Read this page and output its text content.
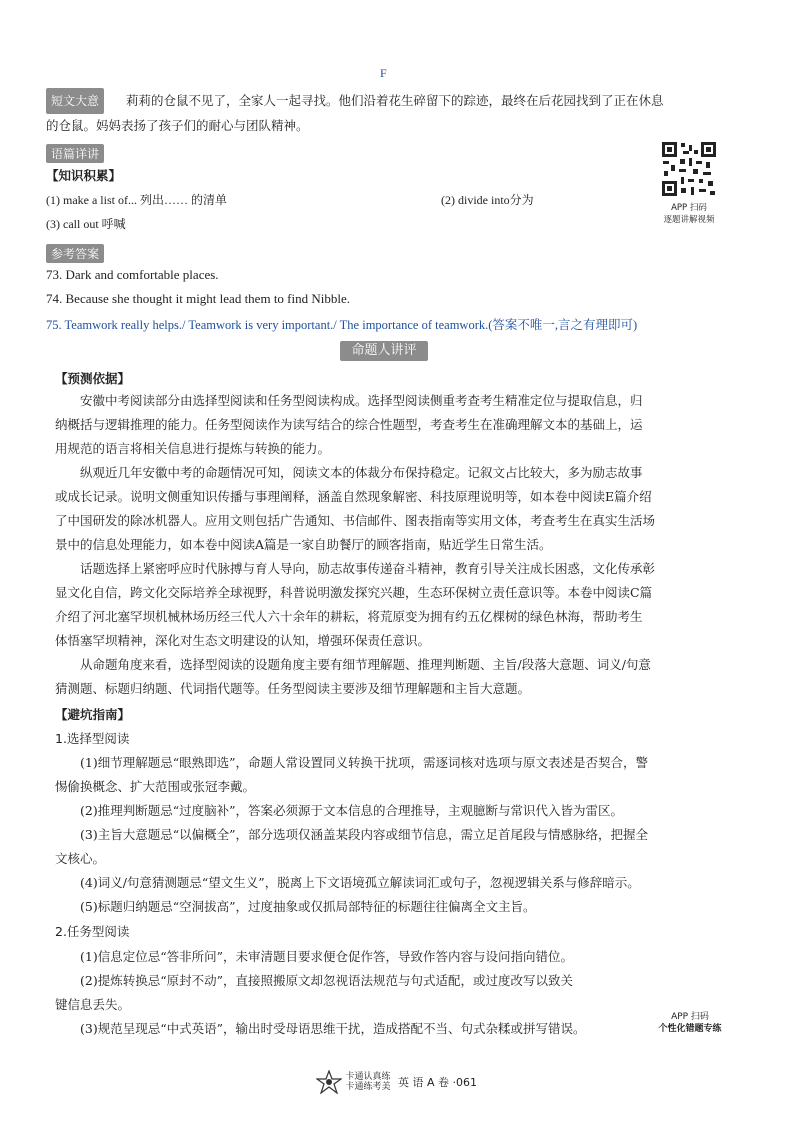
F
短文大意 莉莉的仓鼠不见了，全家人一起寻找。他们沿着花生碎留下的踪迹，最终在后花园找到了正在休息
的仓鼠。妈妈表扬了孩子们的耐心与团队精神。
语篇详讲
【知识积累】
(1) make a list of... 列出…… 的清单	(2) divide into分为
(3) call out 呼喊
APP 扫码
逐题讲解视频
参考答案
73. Dark and comfortable places.
74. Because she thought it might lead them to find Nibble.
75. Teamwork really helps./ Teamwork is very important./ The importance of teamwork.(答案不唯一,言之有理即可)
命题人讲评
【预测依据】
安徽中考阅读部分由选择型阅读和任务型阅读构成。选择型阅读侧重考查考生精准定位与提取信息，归
纳概括与逻辑推理的能力。任务型阅读作为读写结合的综合性题型，考查考生在准确理解文本的基础上，运
用规范的语言将相关信息进行提炼与转换的能力。
纵观近几年安徽中考的命题情况可知，阅读文本的体裁分布保持稳定。记叙文占比较大，多为励志故事
或成长记录。说明文侧重知识传播与事理阐释，涵盖自然现象解密、科技原理说明等，如本卷中阅读E篇介绍
了中国研发的除冰机器人。应用文则包括广告通知、书信邮件、图表指南等实用文体，考查考生在真实生活场
景中的信息处理能力，如本卷中阅读A篇是一家自助餐厅的顾客指南，贴近学生日常生活。
话题选择上紧密呼应时代脉搏与育人导向，励志故事传递奋斗精神，教育引导关注成长困惑，文化传承彰
显文化自信，跨文化交际培养全球视野，科普说明激发探究兴趣，生态环保树立责任意识等。本卷中阅读C篇
介绍了河北塞罕坝机械林场历经三代人六十余年的耕耘，将荒原变为拥有约五亿棵树的绿色林海，帮助考生
体悟塞罕坝精神，深化对生态文明建设的认知，增强环保责任意识。
从命题角度来看，选择型阅读的设题角度主要有细节理解题、推理判断题、主旨/段落大意题、词义/句意
猜测题、标题归纳题、代词指代题等。任务型阅读主要涉及细节理解题和主旨大意题。
【避坑指南】
1.选择型阅读
(1)细节理解题忌“眼熟即选”，命题人常设置同义转换干扰项，需逐词核对选项与原文表述是否契合，警
惕偷换概念、扩大范围或张冠李戴。
(2)推理判断题忌“过度脑补”，答案必须源于文本信息的合理推导，主观臆断与常识代入皆为雷区。
(3)主旨大意题忌“以偏概全”，部分选项仅涵盖某段内容或细节信息，需立足首尾段与情感脉络，把握全
文核心。
(4)词义/句意猜测题忌“望文生义”，脱离上下文语境孤立解读词汇或句子，忽视逻辑关系与修辞暗示。
(5)标题归纳题忌“空洞拔高”，过度抽象或仅抓局部特征的标题往往偏离全文主旨。
2.任务型阅读
(1)信息定位忌“答非所问”，未审清题目要求便仓促作答，导致作答内容与设问指向错位。
(2)提炼转换忌“原封不动”，直接照搬原文却忽视语法规范与句式适配，或过度改写以致关
键信息丢失。
(3)规范呈现忌“中式英语”，输出时受母语思维干扰，造成搭配不当、句式杂糅或拼写错误。
APP 扫码
个性化错题专练

卡通认真练
卡通练考美 英 语 A 卷 ·061
